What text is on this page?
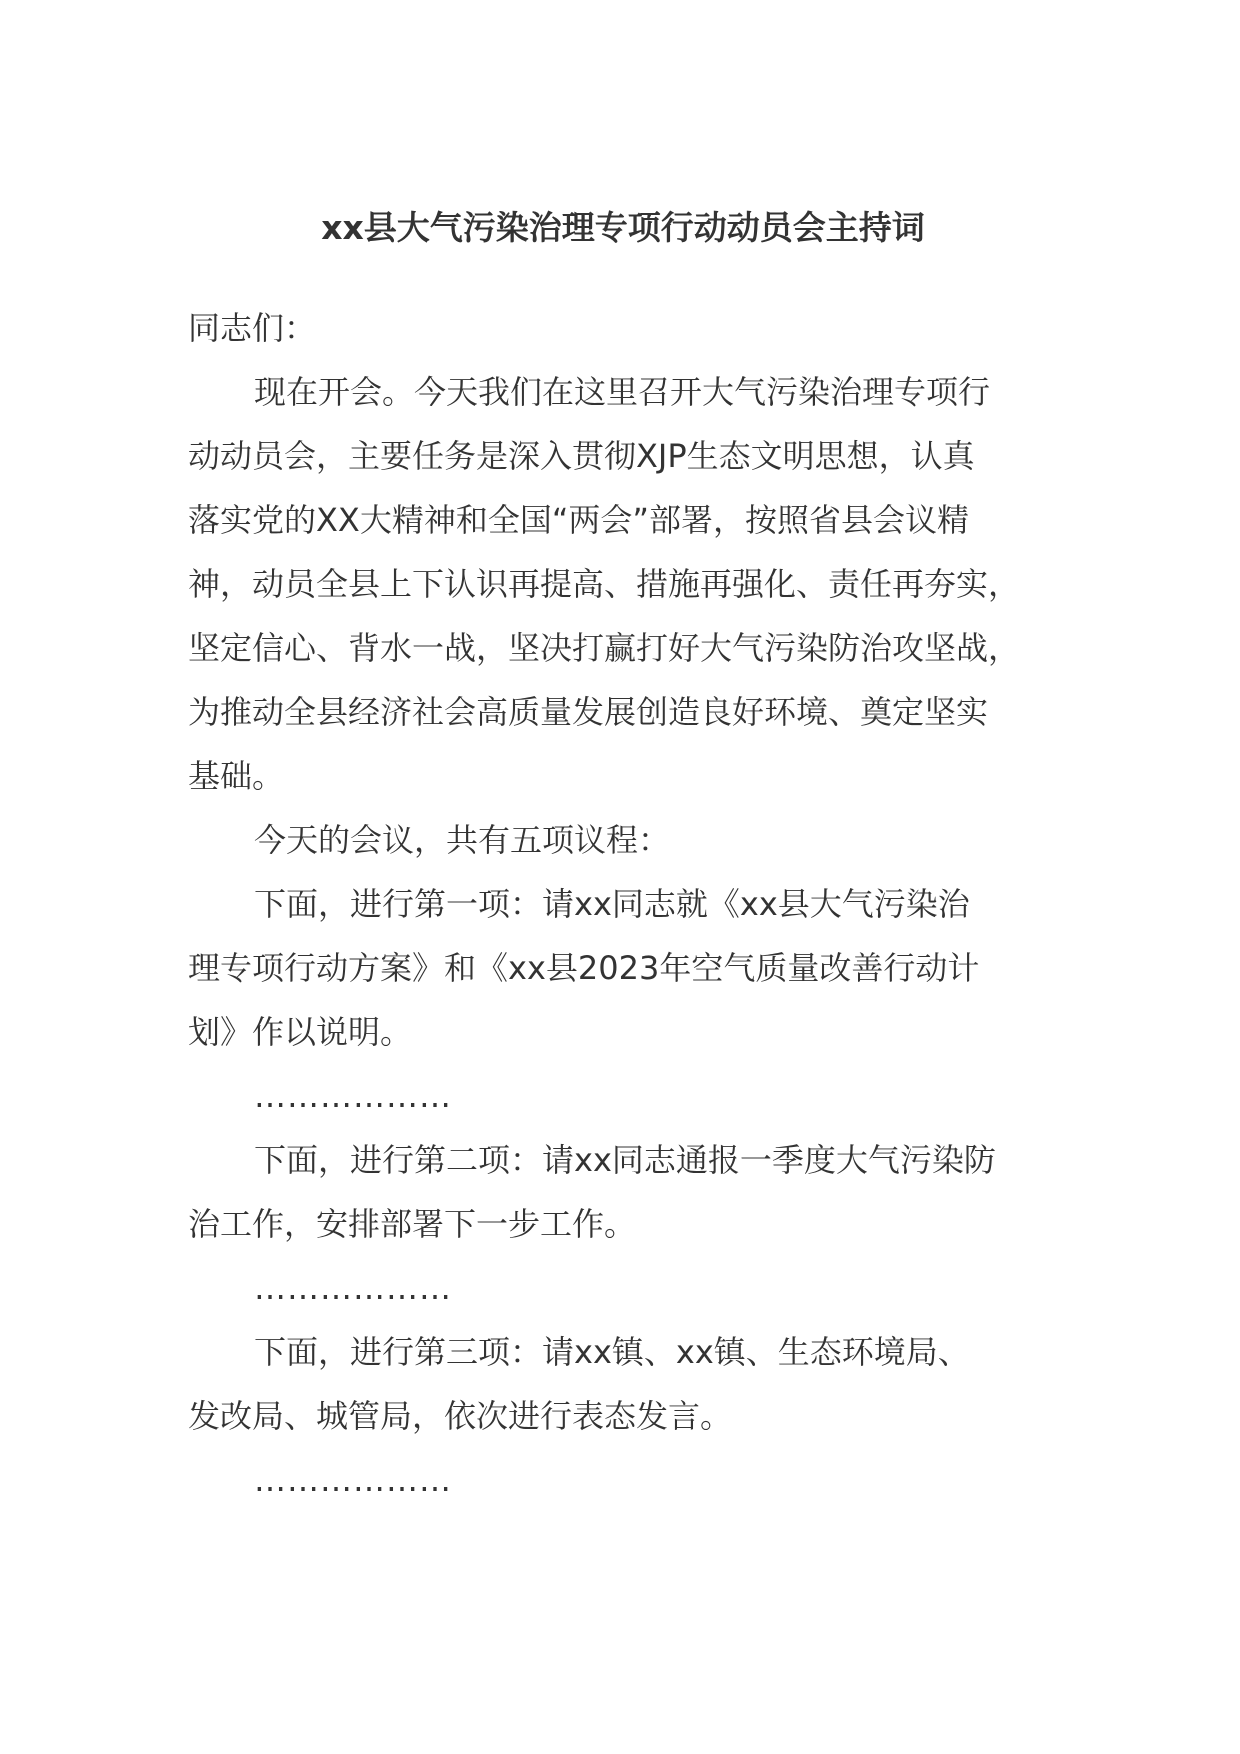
xx县大气污染治理专项行动动员会主持词
同志们：
现在开会。今天我们在这里召开大气污染治理专项行
动动员会，主要任务是深入贯彻XJP生态文明思想，认真
落实党的XX大精神和全国“两会”部署，按照省县会议精
神，动员全县上下认识再提高、措施再强化、责任再夯实，
坚定信心、背水一战，坚决打赢打好大气污染防治攻坚战，
为推动全县经济社会高质量发展创造良好环境、奠定坚实
基础。
今天的会议，共有五项议程：
下面，进行第一项：请xx同志就《xx县大气污染治
理专项行动方案》和《xx县2023年空气质量改善行动计
划》作以说明。
………………
下面，进行第二项：请xx同志通报一季度大气污染防
治工作，安排部署下一步工作。
………………
下面，进行第三项：请xx镇、xx镇、生态环境局、
发改局、城管局，依次进行表态发言。
………………
